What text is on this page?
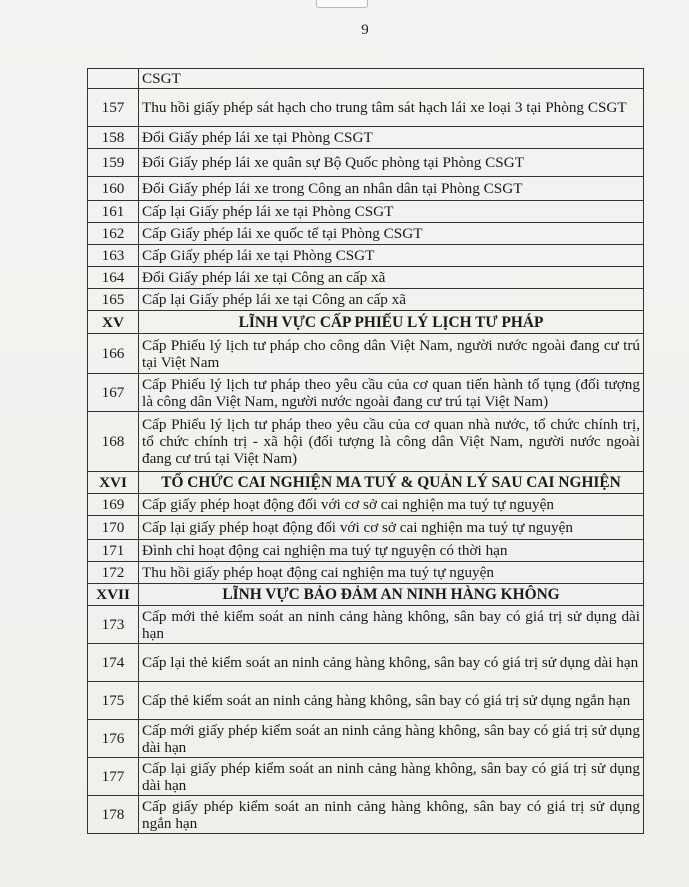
9
	CSGT
157	Thu hồi giấy phép sát hạch cho trung tâm sát hạch lái xe loại 3 tại Phòng CSGT
158	Đổi Giấy phép lái xe tại Phòng CSGT
159	Đổi Giấy phép lái xe quân sự Bộ Quốc phòng tại Phòng CSGT
160	Đổi Giấy phép lái xe trong Công an nhân dân tại Phòng CSGT
161	Cấp lại Giấy phép lái xe tại Phòng CSGT
162	Cấp Giấy phép lái xe quốc tế tại Phòng CSGT
163	Cấp Giấy phép lái xe tại Phòng CSGT
164	Đổi Giấy phép lái xe tại Công an cấp xã
165	Cấp lại Giấy phép lái xe tại Công an cấp xã
XV	LĨNH VỰC CẤP PHIẾU LÝ LỊCH TƯ PHÁP
166	Cấp Phiếu lý lịch tư pháp cho công dân Việt Nam, người nước ngoài đang cư trú tại Việt Nam
167	Cấp Phiếu lý lịch tư pháp theo yêu cầu của cơ quan tiến hành tố tụng (đối tượng là công dân Việt Nam, người nước ngoài đang cư trú tại Việt Nam)
168	Cấp Phiếu lý lịch tư pháp theo yêu cầu của cơ quan nhà nước, tổ chức chính trị, tổ chức chính trị - xã hội (đối tượng là công dân Việt Nam, người nước ngoài đang cư trú tại Việt Nam)
XVI	TỔ CHỨC CAI NGHIỆN MA TUÝ & QUẢN LÝ SAU CAI NGHIỆN
169	Cấp giấy phép hoạt động đối với cơ sở cai nghiện ma tuý tự nguyện
170	Cấp lại giấy phép hoạt động đối với cơ sở cai nghiện ma tuý tự nguyện
171	Đình chỉ hoạt động cai nghiện ma tuý tự nguyện có thời hạn
172	Thu hồi giấy phép hoạt động cai nghiện ma tuý tự nguyện
XVII	LĨNH VỰC BẢO ĐẢM AN NINH HÀNG KHÔNG
173	Cấp mới thẻ kiểm soát an ninh cảng hàng không, sân bay có giá trị sử dụng dài hạn
174	Cấp lại thẻ kiểm soát an ninh cảng hàng không, sân bay có giá trị sử dụng dài hạn
175	Cấp thẻ kiểm soát an ninh cảng hàng không, sân bay có giá trị sử dụng ngắn hạn
176	Cấp mới giấy phép kiểm soát an ninh cảng hàng không, sân bay có giá trị sử dụng dài hạn
177	Cấp lại giấy phép kiểm soát an ninh cảng hàng không, sân bay có giá trị sử dụng dài hạn
178	Cấp giấy phép kiểm soát an ninh cảng hàng không, sân bay có giá trị sử dụng ngắn hạn
